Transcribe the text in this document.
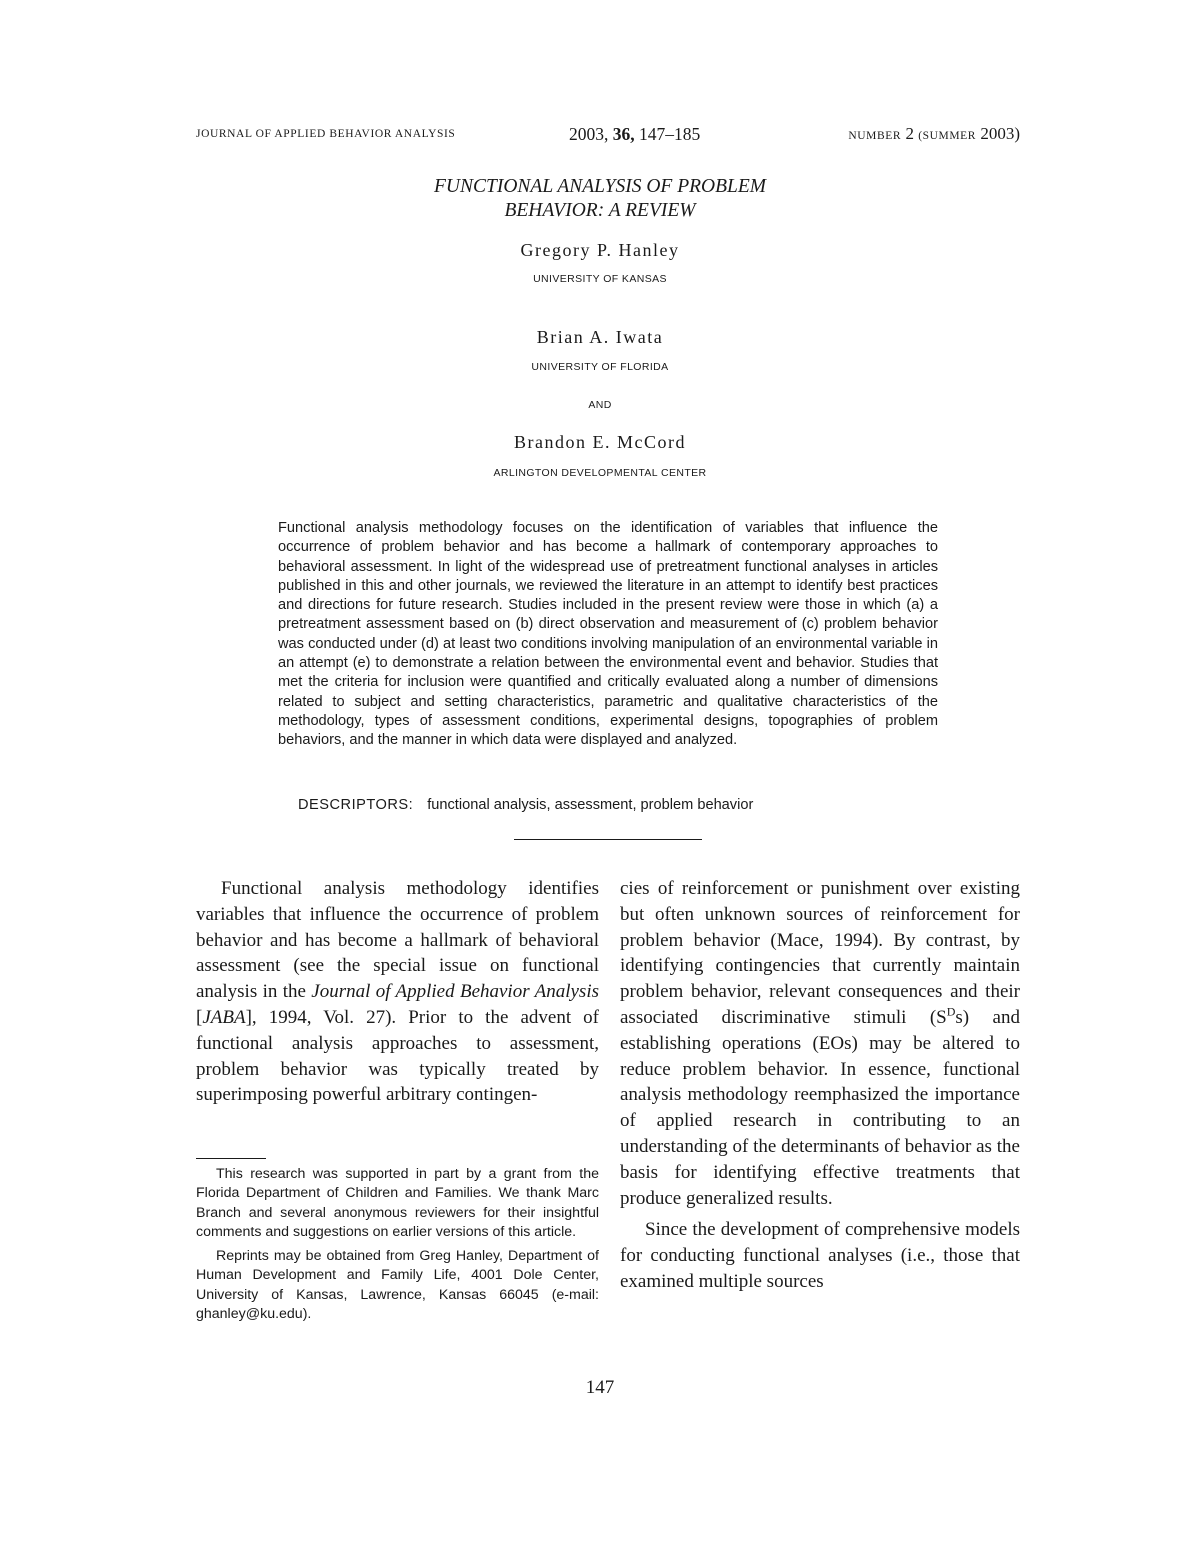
JOURNAL OF APPLIED BEHAVIOR ANALYSIS	2003, 36, 147–185	NUMBER 2 (SUMMER 2003)
FUNCTIONAL ANALYSIS OF PROBLEM
BEHAVIOR: A REVIEW
Gregory P. Hanley
UNIVERSITY OF KANSAS
Brian A. Iwata
UNIVERSITY OF FLORIDA
AND
Brandon E. McCord
ARLINGTON DEVELOPMENTAL CENTER

Functional analysis methodology focuses on the identification of variables that influence the occurrence of problem behavior and has become a hallmark of contemporary approaches to behavioral assessment. In light of the widespread use of pretreatment functional analyses in articles published in this and other journals, we reviewed the literature in an attempt to identify best practices and directions for future research. Studies included in the present review were those in which (a) a pretreatment assessment based on (b) direct observation and measurement of (c) problem behavior was conducted under (d) at least two conditions involving manipulation of an environmental variable in an attempt (e) to demonstrate a relation between the environmental event and behavior. Studies that met the criteria for inclusion were quantified and critically evaluated along a number of dimensions related to subject and setting characteristics, parametric and qualitative characteristics of the methodology, types of assessment conditions, experimental designs, topographies of problem behaviors, and the manner in which data were displayed and analyzed.

DESCRIPTORS: functional analysis, assessment, problem behavior

Functional analysis methodology identifies variables that influence the occurrence of problem behavior and has become a hallmark of behavioral assessment (see the special issue on functional analysis in the Journal of Applied Behavior Analysis [JABA], 1994, Vol. 27). Prior to the advent of functional analysis approaches to assessment, problem behavior was typically treated by superimposing powerful arbitrary contingen-

This research was supported in part by a grant from the Florida Department of Children and Families. We thank Marc Branch and several anonymous reviewers for their insightful comments and suggestions on earlier versions of this article.

Reprints may be obtained from Greg Hanley, Department of Human Development and Family Life, 4001 Dole Center, University of Kansas, Lawrence, Kansas 66045 (e-mail: ghanley@ku.edu).

cies of reinforcement or punishment over existing but often unknown sources of reinforcement for problem behavior (Mace, 1994). By contrast, by identifying contingencies that currently maintain problem behavior, relevant consequences and their associated discriminative stimuli $(S^Ds)$ and establishing operations (EOs) may be altered to reduce problem behavior. In essence, functional analysis methodology reemphasized the importance of applied research in contributing to an understanding of the determinants of behavior as the basis for identifying effective treatments that produce generalized results.

Since the development of comprehensive models for conducting functional analyses (i.e., those that examined multiple sources

147
